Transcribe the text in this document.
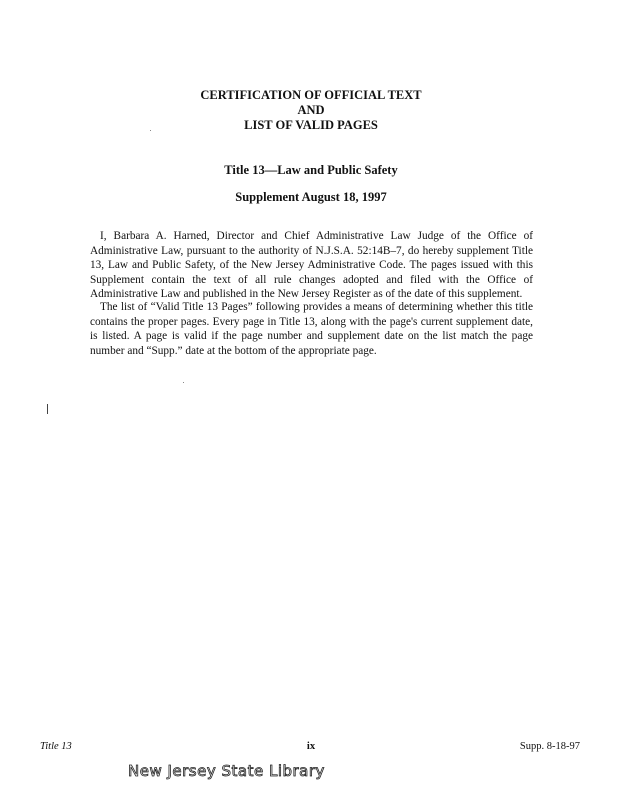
CERTIFICATION OF OFFICIAL TEXT
AND
LIST OF VALID PAGES
Title 13—Law and Public Safety
Supplement August 18, 1997

I, Barbara A. Harned, Director and Chief Administrative Law Judge of the Office of Administrative Law, pursuant to the authority of N.J.S.A. 52:14B–7, do hereby supplement Title 13, Law and Public Safety, of the New Jersey Administrative Code. The pages issued with this Supplement contain the text of all rule changes adopted and filed with the Office of Administrative Law and published in the New Jersey Register as of the date of this supplement.

The list of “Valid Title 13 Pages” following provides a means of determining whether this title contains the proper pages. Every page in Title 13, along with the page's current supplement date, is listed. A page is valid if the page number and supplement date on the list match the page number and “Supp.” date at the bottom of the appropriate page.

Title 13	ix	Supp. 8-18-97
New Jersey State Library
